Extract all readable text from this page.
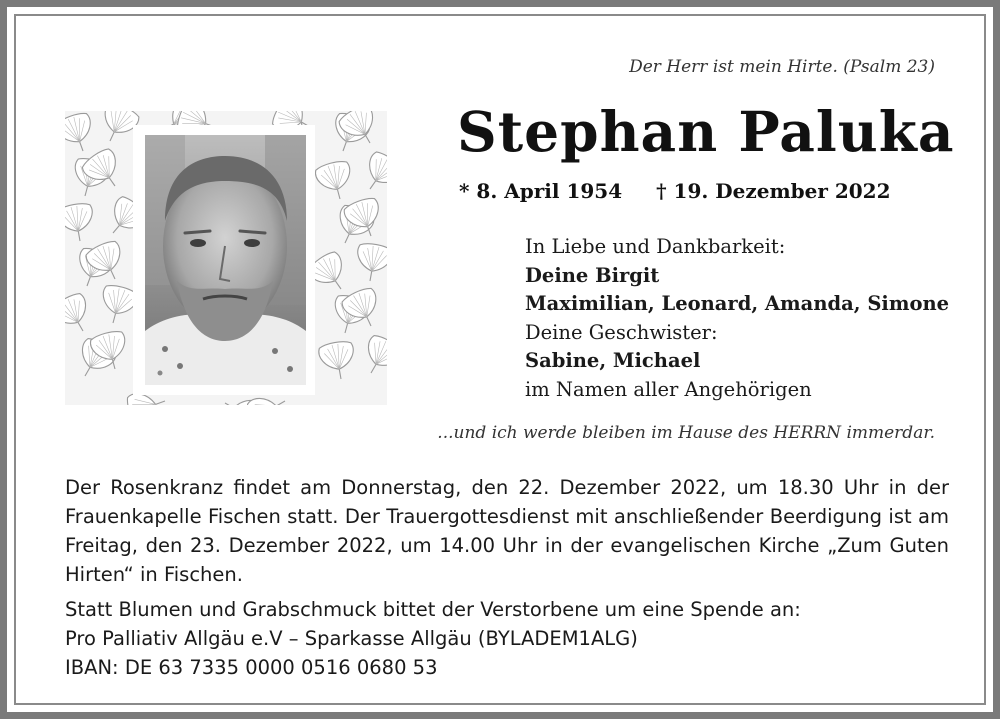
Der Herr ist mein Hirte. (Psalm 23)
Stephan Paluka
* 8. April 1954 † 19. Dezember 2022
In Liebe und Dankbarkeit:
Deine Birgit
Maximilian, Leonard, Amanda, Simone
Deine Geschwister:
Sabine, Michael
im Namen aller Angehörigen
...und ich werde bleiben im Hause des HERRN immerdar.

Der Rosenkranz findet am Donnerstag, den 22. Dezember 2022, um 18.30 Uhr in der Frauenkapelle Fischen statt. Der Trauergottesdienst mit anschließender Beerdigung ist am Freitag, den 23. Dezember 2022, um 14.00 Uhr in der evangelischen Kirche „Zum Guten Hirten“ in Fischen.

Statt Blumen und Grabschmuck bittet der Verstorbene um eine Spende an:

Pro Palliativ Allgäu e.V – Sparkasse Allgäu (BYLADEM1ALG)

IBAN: DE 63 7335 0000 0516 0680 53
